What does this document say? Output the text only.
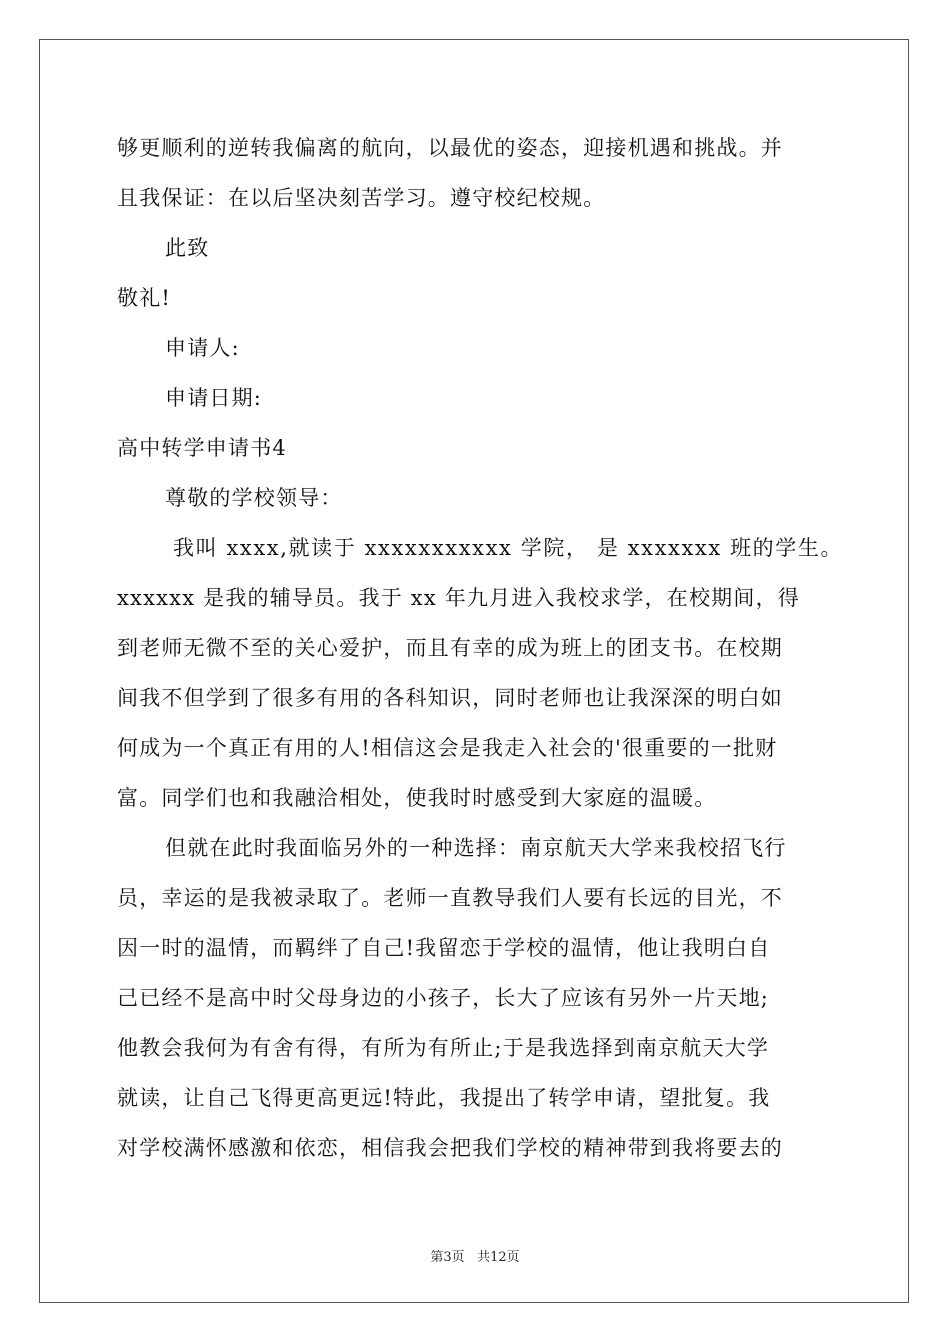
够更顺利的逆转我偏离的航向，以最优的姿态，迎接机遇和挑战。并
且我保证：在以后坚决刻苦学习。遵守校纪校规。
此致
敬礼!
申请人:
申请日期:
高中转学申请书4
尊敬的学校领导：
我叫 xxxx,就读于 xxxxxxxxxxx 学院， 是 xxxxxxx 班的学生。
xxxxxx 是我的辅导员。我于 xx 年九月进入我校求学，在校期间，得
到老师无微不至的关心爱护，而且有幸的成为班上的团支书。在校期
间我不但学到了很多有用的各科知识，同时老师也让我深深的明白如
何成为一个真正有用的人!相信这会是我走入社会的'很重要的一批财
富。同学们也和我融洽相处，使我时时感受到大家庭的温暖。
但就在此时我面临另外的一种选择：南京航天大学来我校招飞行
员，幸运的是我被录取了。老师一直教导我们人要有长远的目光，不
因一时的温情，而羁绊了自己!我留恋于学校的温情，他让我明白自
己已经不是高中时父母身边的小孩子，长大了应该有另外一片天地;
他教会我何为有舍有得，有所为有所止;于是我选择到南京航天大学
就读，让自己飞得更高更远!特此，我提出了转学申请，望批复。我
对学校满怀感激和依恋，相信我会把我们学校的精神带到我将要去的
第3页 共12页
